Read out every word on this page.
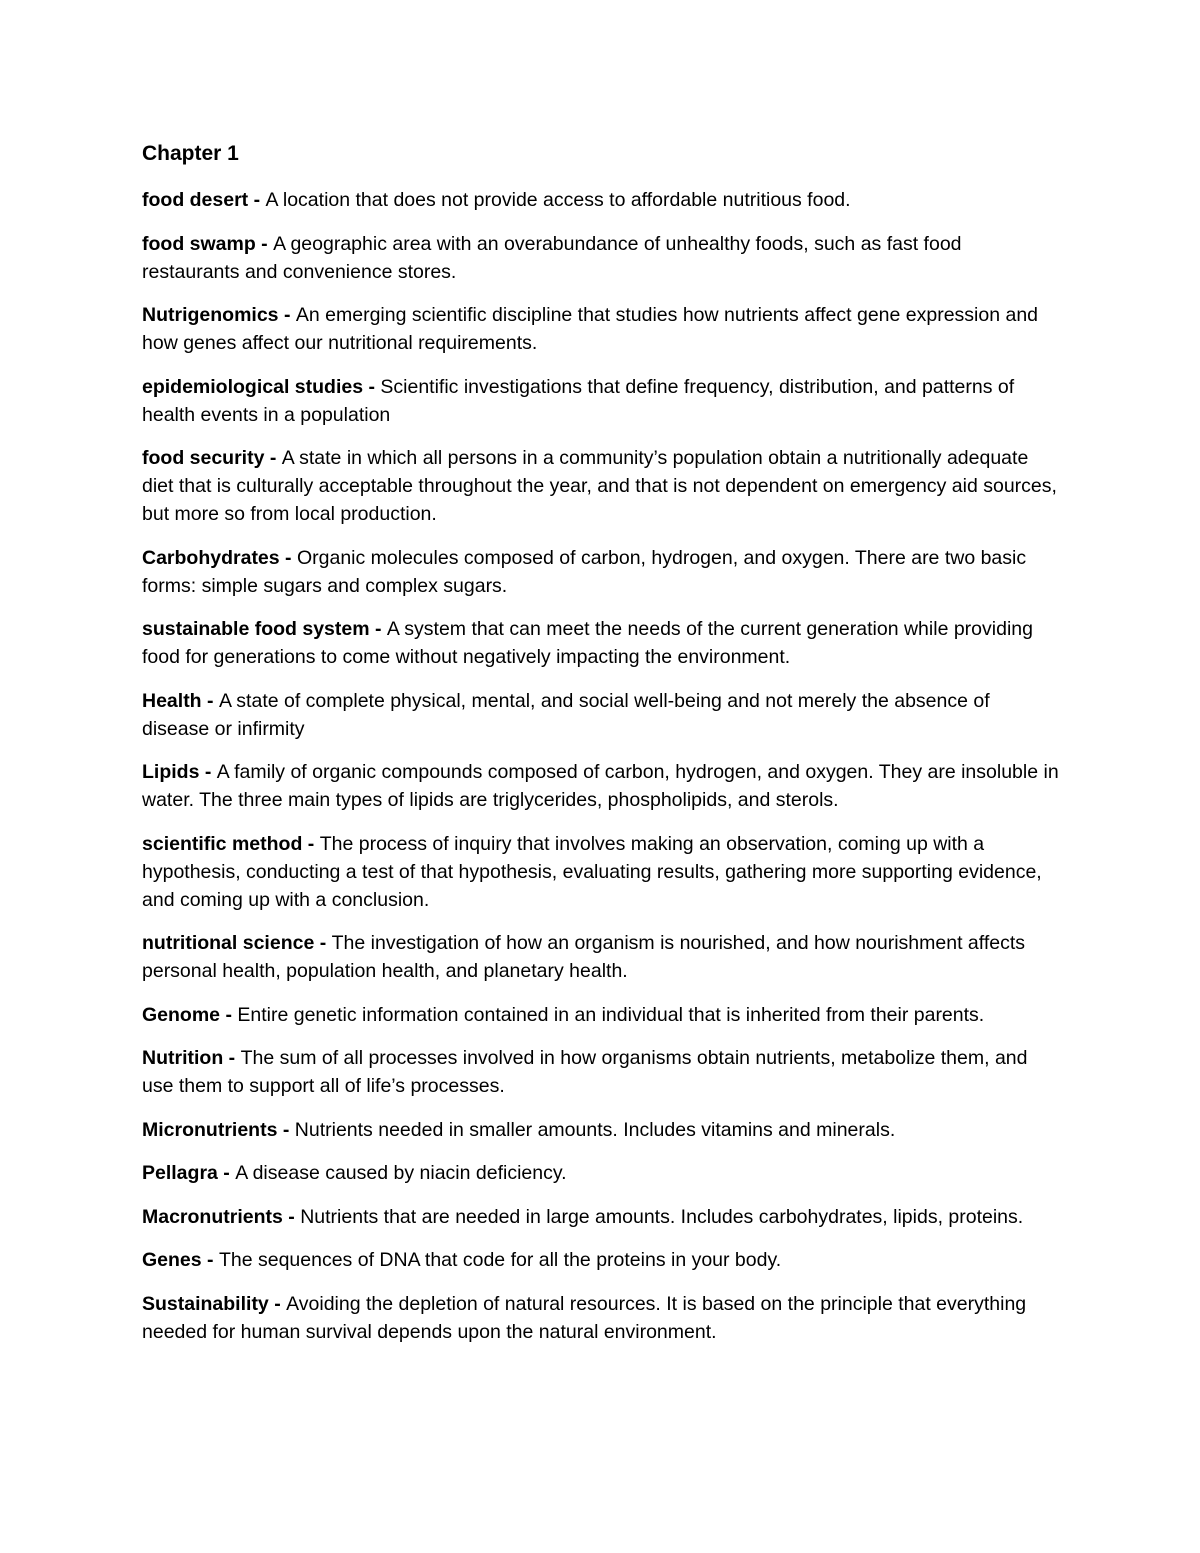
Chapter 1
food desert - A location that does not provide access to affordable nutritious food.
food swamp - A geographic area with an overabundance of unhealthy foods, such as fast food restaurants and convenience stores.
Nutrigenomics - An emerging scientific discipline that studies how nutrients affect gene expression and how genes affect our nutritional requirements.
epidemiological studies - Scientific investigations that define frequency, distribution, and patterns of health events in a population
food security - A state in which all persons in a community’s population obtain a nutritionally adequate diet that is culturally acceptable throughout the year, and that is not dependent on emergency aid sources, but more so from local production.
Carbohydrates - Organic molecules composed of carbon, hydrogen, and oxygen. There are two basic forms: simple sugars and complex sugars.
sustainable food system - A system that can meet the needs of the current generation while providing food for generations to come without negatively impacting the environment.
Health - A state of complete physical, mental, and social well-being and not merely the absence of disease or infirmity
Lipids - A family of organic compounds composed of carbon, hydrogen, and oxygen. They are insoluble in water. The three main types of lipids are triglycerides, phospholipids, and sterols.
scientific method - The process of inquiry that involves making an observation, coming up with a hypothesis, conducting a test of that hypothesis, evaluating results, gathering more supporting evidence, and coming up with a conclusion.
nutritional science - The investigation of how an organism is nourished, and how nourishment affects personal health, population health, and planetary health.
Genome - Entire genetic information contained in an individual that is inherited from their parents.
Nutrition - The sum of all processes involved in how organisms obtain nutrients, metabolize them, and use them to support all of life’s processes.
Micronutrients - Nutrients needed in smaller amounts. Includes vitamins and minerals.
Pellagra - A disease caused by niacin deficiency.
Macronutrients - Nutrients that are needed in large amounts. Includes carbohydrates, lipids, proteins.
Genes - The sequences of DNA that code for all the proteins in your body.
Sustainability - Avoiding the depletion of natural resources. It is based on the principle that everything needed for human survival depends upon the natural environment.
